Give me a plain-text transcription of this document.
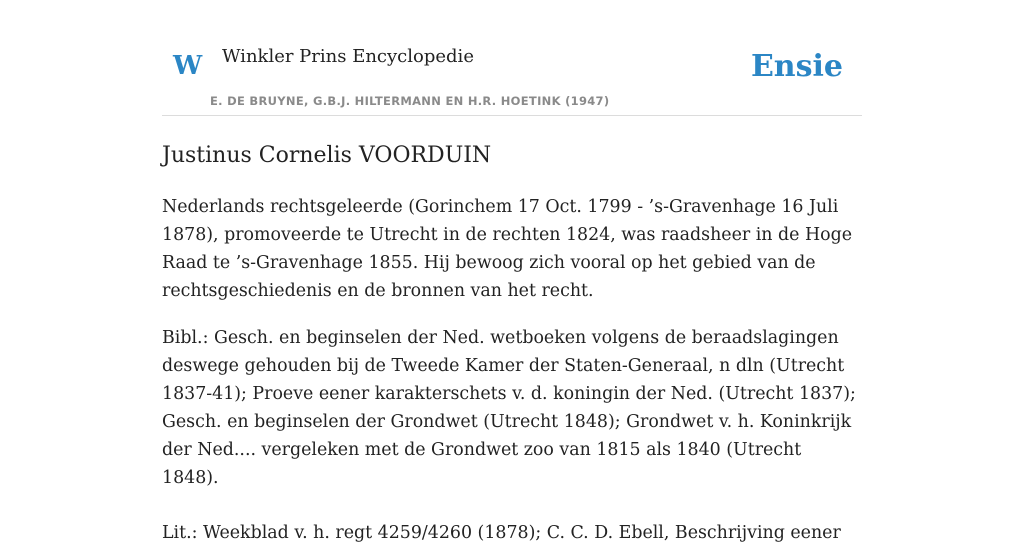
W Winkler Prins Encyclopedie
E. DE BRUYNE, G.B.J. HILTERMANN EN H.R. HOETINK (1947)
Ensie
Justinus Cornelis VOORDUIN

Nederlands rechtsgeleerde (Gorinchem 17 Oct. 1799 - ’s-Gravenhage 16 Juli 1878), promoveerde te Utrecht in de rechten 1824, was raadsheer in de Hoge Raad te ’s-Gravenhage 1855. Hij bewoog zich vooral op het gebied van de rechtsgeschiedenis en de bronnen van het recht.

Bibl.: Gesch. en beginselen der Ned. wetboeken volgens de beraadslagingen deswege gehouden bij de Tweede Kamer der Staten-Generaal, n dln (Utrecht 1837-41); Proeve eener karakterschets v. d. koningin der Ned. (Utrecht 1837); Gesch. en beginselen der Grondwet (Utrecht 1848); Grondwet v. h. Koninkrijk der Ned.... vergeleken met de Grondwet zoo van 1815 als 1840 (Utrecht 1848).

Lit.: Weekblad v. h. regt 4259/4260 (1878); C. C. D. Ebell, Beschrijving eener
